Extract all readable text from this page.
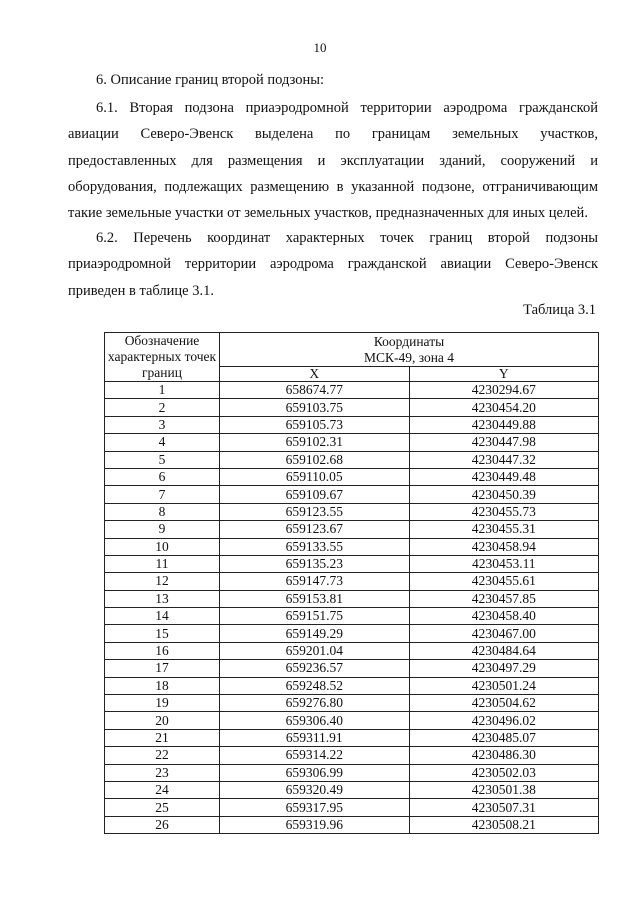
10
6. Описание границ второй подзоны:
6.1. Вторая подзона приаэродромной территории аэродрома гражданской авиации Северо-Эвенск выделена по границам земельных участков, предоставленных для размещения и эксплуатации зданий, сооружений и оборудования, подлежащих размещению в указанной подзоне, отграничивающим такие земельные участки от земельных участков, предназначенных для иных целей.
6.2. Перечень координат характерных точек границ второй подзоны приаэродромной территории аэродрома гражданской авиации Северо-Эвенск приведен в таблице 3.1.
Таблица 3.1
Обозначение характерных точек границ	Координаты
МСК-49, зона 4	

	X	Y
1	658674.77	4230294.67
2	659103.75	4230454.20
3	659105.73	4230449.88
4	659102.31	4230447.98
5	659102.68	4230447.32
6	659110.05	4230449.48
7	659109.67	4230450.39
8	659123.55	4230455.73
9	659123.67	4230455.31
10	659133.55	4230458.94
11	659135.23	4230453.11
12	659147.73	4230455.61
13	659153.81	4230457.85
14	659151.75	4230458.40
15	659149.29	4230467.00
16	659201.04	4230484.64
17	659236.57	4230497.29
18	659248.52	4230501.24
19	659276.80	4230504.62
20	659306.40	4230496.02
21	659311.91	4230485.07
22	659314.22	4230486.30
23	659306.99	4230502.03
24	659320.49	4230501.38
25	659317.95	4230507.31
26	659319.96	4230508.21
